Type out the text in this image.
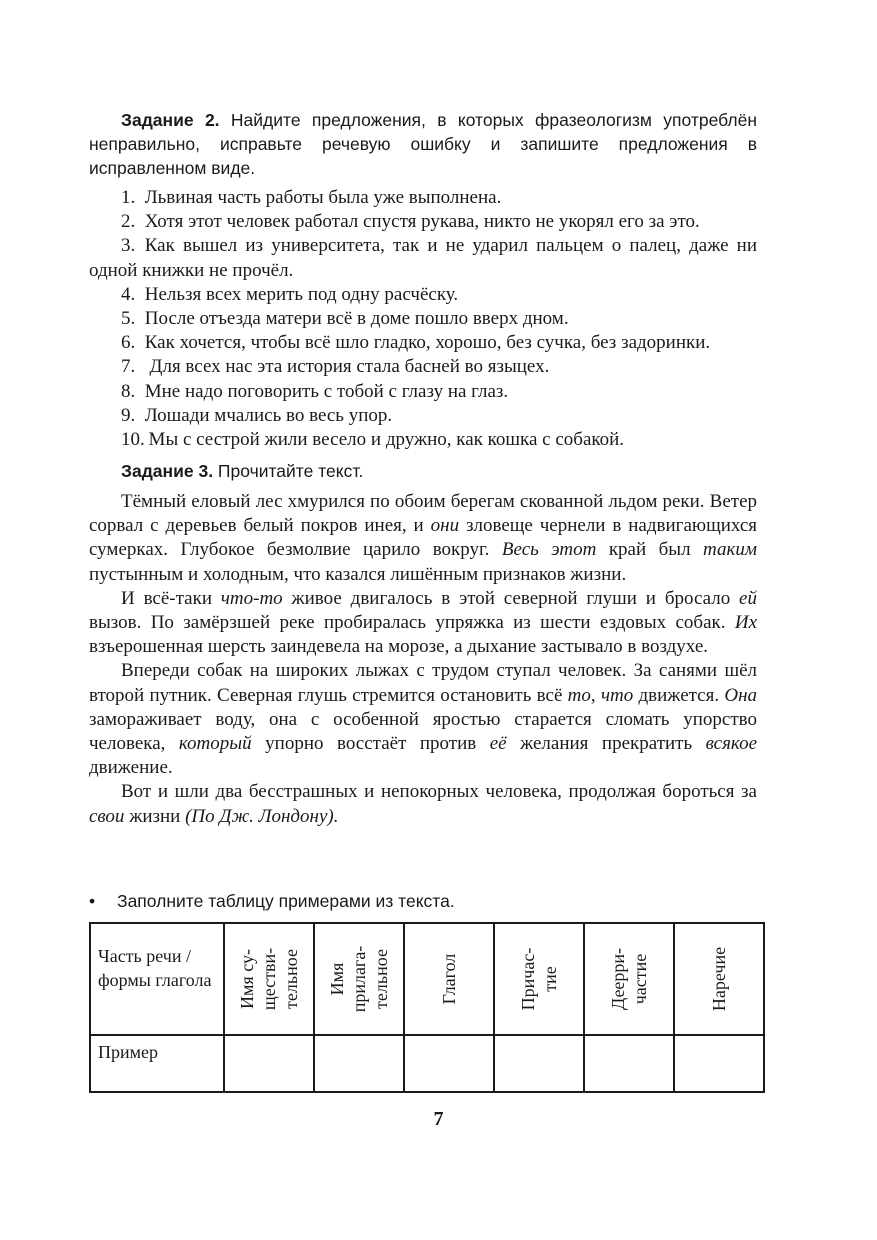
Задание 2. Найдите предложения, в которых фразеологизм употреблён неправильно, исправьте речевую ошибку и запишите предложения в исправленном виде.

1. Львиная часть работы была уже выполнена.
2. Хотя этот человек работал спустя рукава, никто не укорял его за это.
3. Как вышел из университета, так и не ударил пальцем о палец, даже ни одной книжки не прочёл.
4. Нельзя всех мерить под одну расчёску.
5. После отъезда матери всё в доме пошло вверх дном.
6. Как хочется, чтобы всё шло гладко, хорошо, без сучка, без задоринки.
7.  Для всех нас эта история стала басней во языцех.
8. Мне надо поговорить с тобой с глазу на глаз.
9. Лошади мчались во весь упор.
10. Мы с сестрой жили весело и дружно, как кошка с собакой.

Задание 3. Прочитайте текст.

Тёмный еловый лес хмурился по обоим берегам скованной льдом реки. Ветер сорвал с деревьев белый покров инея, и они зловеще чернели в надвигающихся сумерках. Глубокое безмолвие царило вокруг. Весь этот край был таким пустынным и холодным, что казался лишённым признаков жизни.

И всё-таки что-то живое двигалось в этой северной глуши и бросало ей вызов. По замёрзшей реке пробиралась упряжка из шести ездовых собак. Их взъерошенная шерсть заиндевела на морозе, а дыхание застывало в воздухе.

Впереди собак на широких лыжах с трудом ступал человек. За санями шёл второй путник. Северная глушь стремится остановить всё то, что движется. Она замораживает воду, она с особенной яростью старается сломать упорство человека, который упорно восстаёт против её желания прекратить всякое движение.

Вот и шли два бесстрашных и непокорных человека, продолжая бороться за свои жизни (По Дж. Лондону).

• Заполните таблицу примерами из текста.

Часть речи / формы глагола	Имя су-
ществи-
тельное	Имя
прилага-
тельное	Глагол	Причас-
тие	Дееpри-
частие	Наречие

Пример						
7
